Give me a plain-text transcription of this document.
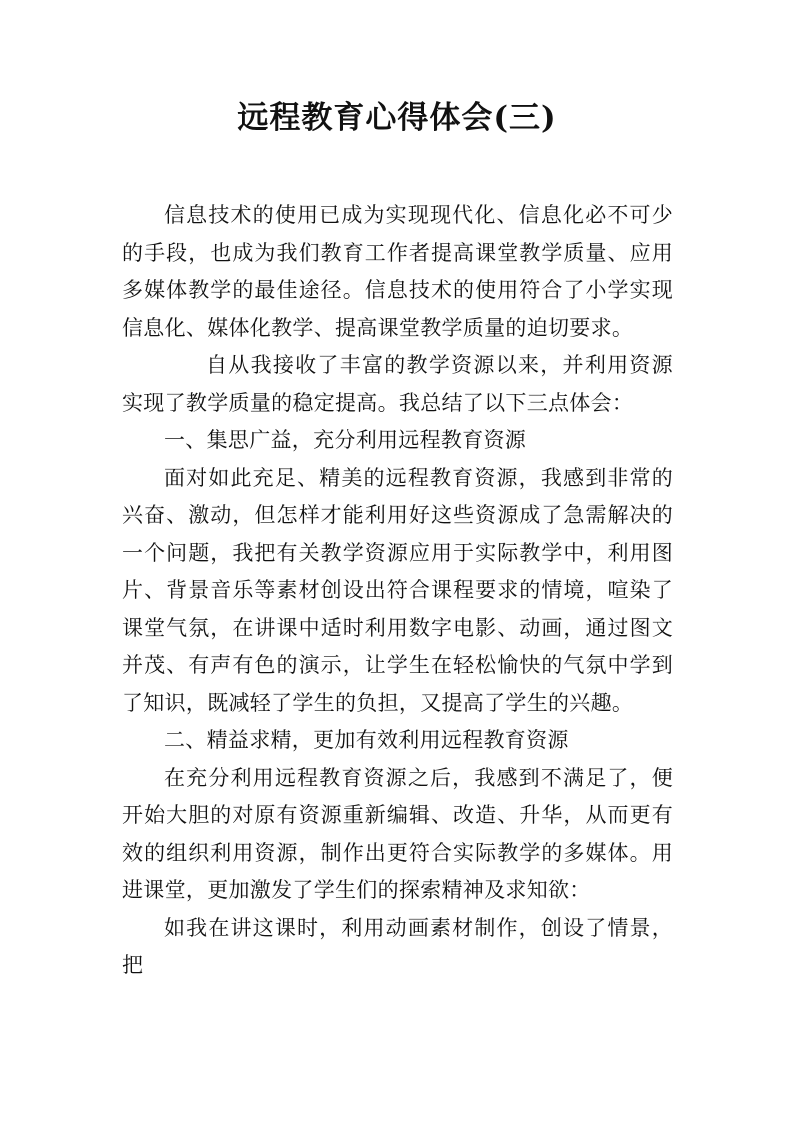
远程教育心得体会(三)

信息技术的使用已成为实现现代化、信息化必不可少的手段，也成为我们教育工作者提高课堂教学质量、应用多媒体教学的最佳途径。信息技术的使用符合了小学实现信息化、媒体化教学、提高课堂教学质量的迫切要求。

自从我接收了丰富的教学资源以来，并利用资源实现了教学质量的稳定提高。我总结了以下三点体会：

一、集思广益，充分利用远程教育资源

面对如此充足、精美的远程教育资源，我感到非常的兴奋、激动，但怎样才能利用好这些资源成了急需解决的一个问题，我把有关教学资源应用于实际教学中，利用图片、背景音乐等素材创设出符合课程要求的情境，喧染了课堂气氛，在讲课中适时利用数字电影、动画，通过图文并茂、有声有色的演示，让学生在轻松愉快的气氛中学到了知识，既减轻了学生的负担，又提高了学生的兴趣。

二、精益求精，更加有效利用远程教育资源

在充分利用远程教育资源之后，我感到不满足了，便开始大胆的对原有资源重新编辑、改造、升华，从而更有效的组织利用资源，制作出更符合实际教学的多媒体。用进课堂，更加激发了学生们的探索精神及求知欲：

如我在讲这课时，利用动画素材制作，创设了情景，把
